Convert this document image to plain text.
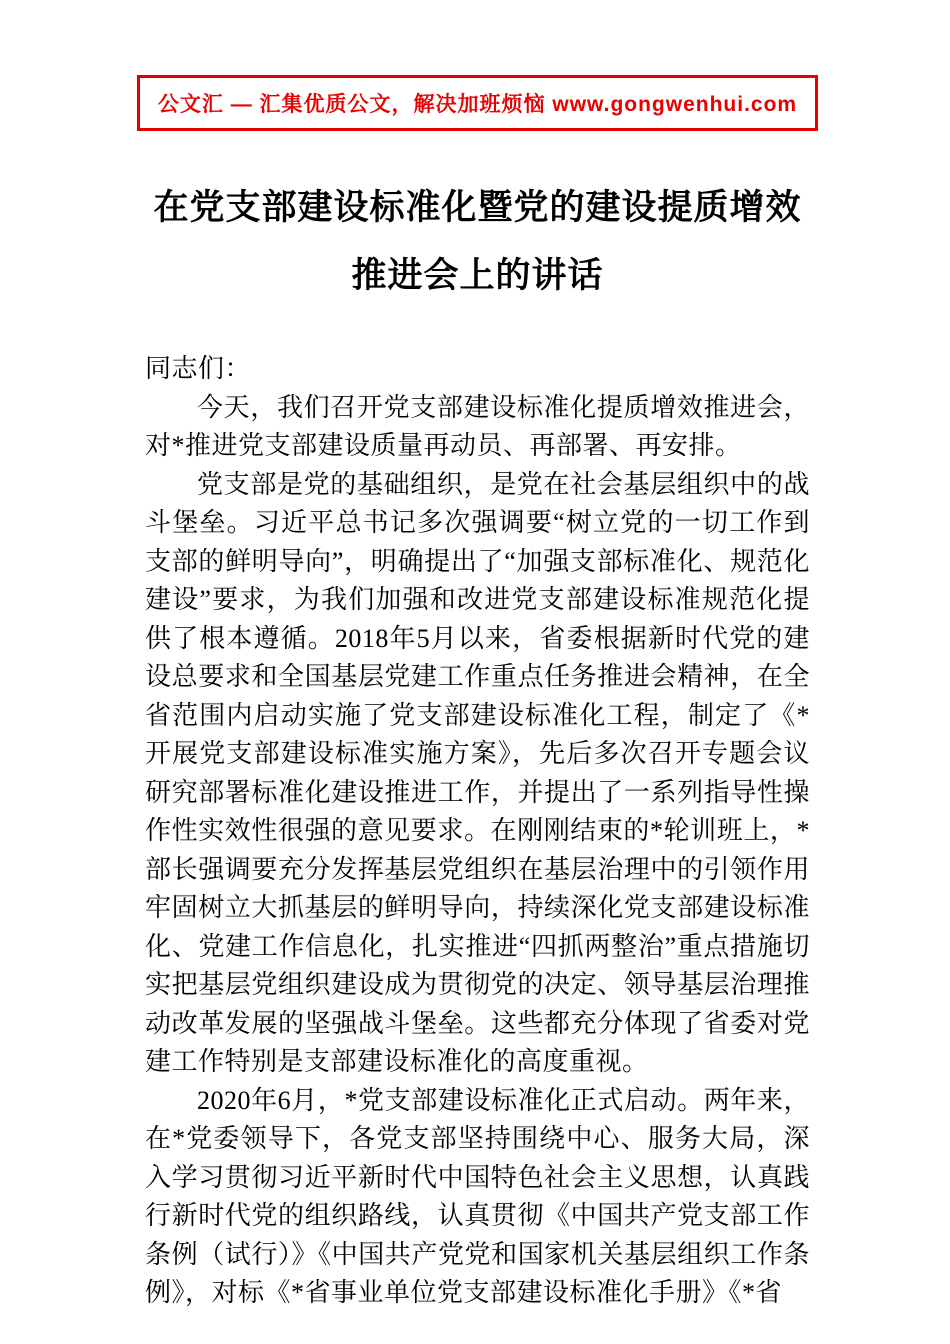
公文汇 — 汇集优质公文，解决加班烦恼 www.gongwenhui.com
在党支部建设标准化暨党的建设提质增效
推进会上的讲话

同志们：

今天，我们召开党支部建设标准化提质增效推进会，对*推进党支部建设质量再动员、再部署、再安排。

党支部是党的基础组织，是党在社会基层组织中的战斗堡垒。习近平总书记多次强调要“树立党的一切工作到支部的鲜明导向”，明确提出了“加强支部标准化、规范化建设”要求，为我们加强和改进党支部建设标准规范化提供了根本遵循。2018年5月以来，省委根据新时代党的建设总要求和全国基层党建工作重点任务推进会精神，在全省范围内启动实施了党支部建设标准化工程，制定了《*开展党支部建设标准实施方案》，先后多次召开专题会议研究部署标准化建设推进工作，并提出了一系列指导性操作性实效性很强的意见要求。在刚刚结束的*轮训班上，*部长强调要充分发挥基层党组织在基层治理中的引领作用牢固树立大抓基层的鲜明导向，持续深化党支部建设标准化、党建工作信息化，扎实推进“四抓两整治”重点措施切实把基层党组织建设成为贯彻党的决定、领导基层治理推动改革发展的坚强战斗堡垒。这些都充分体现了省委对党建工作特别是支部建设标准化的高度重视。

2020年6月，*党支部建设标准化正式启动。两年来，在*党委领导下，各党支部坚持围绕中心、服务大局，深入学习贯彻习近平新时代中国特色社会主义思想，认真践行新时代党的组织路线，认真贯彻《中国共产党支部工作条例（试行）》《中国共产党党和国家机关基层组织工作条例》，对标《*省事业单位党支部建设标准化手册》《*省
